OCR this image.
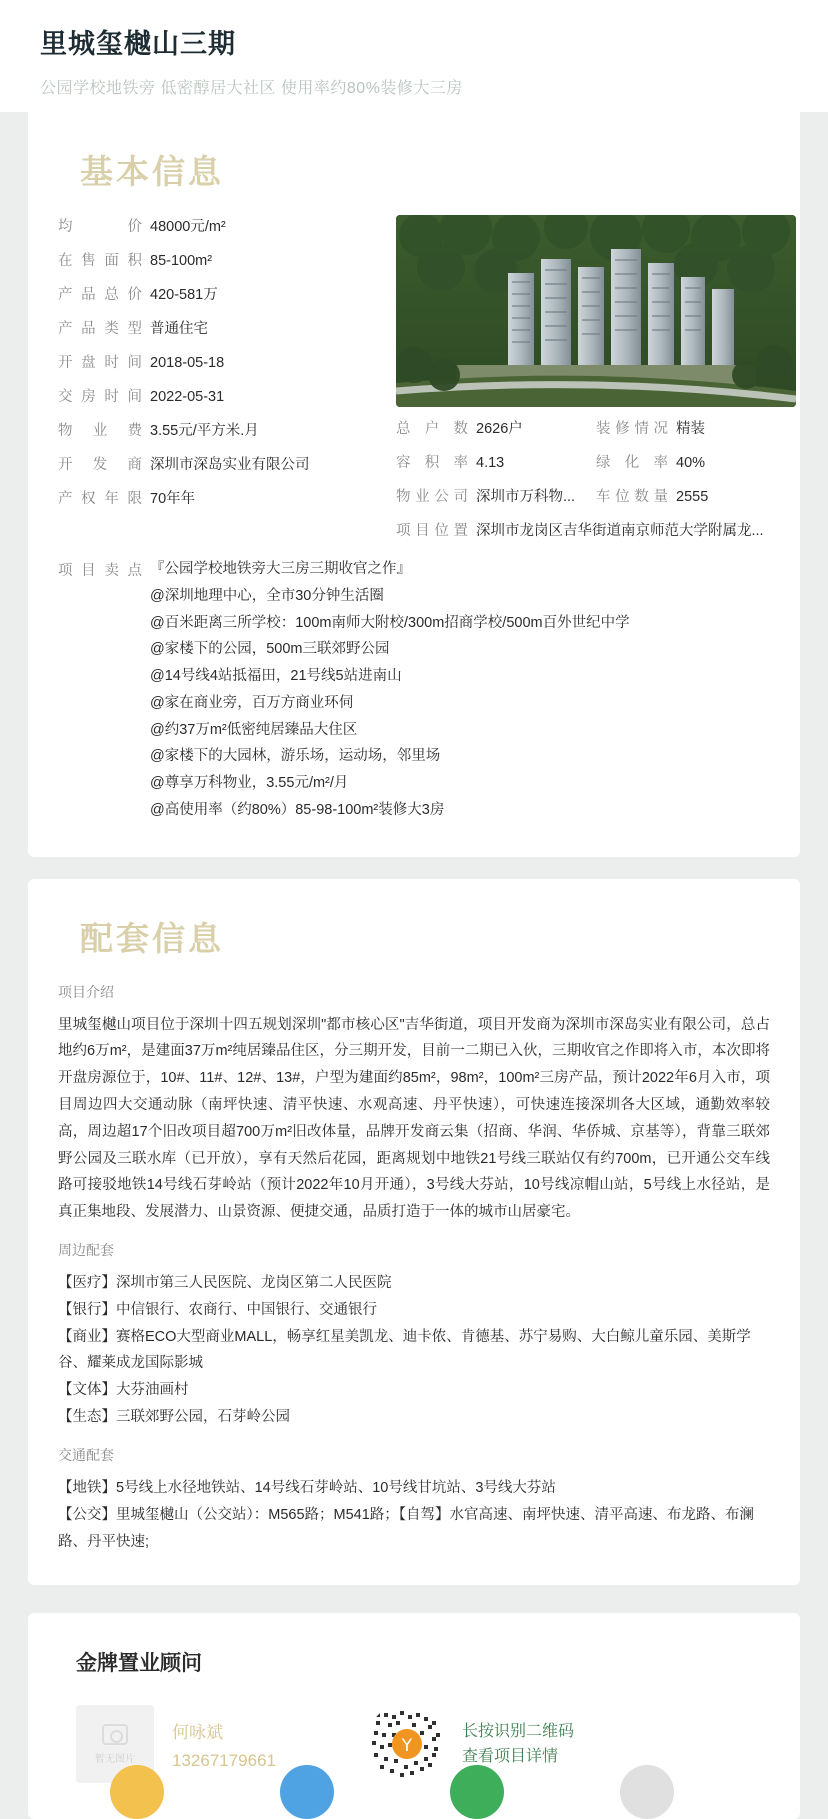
里城玺樾山三期
公园学校地铁旁 低密醇居大社区 使用率约80%装修大三房
基本信息
均价 48000元/m²
在售面积 85-100m²
产品总价 420-581万
产品类型 普通住宅
开盘时间 2018-05-18
交房时间 2022-05-31
物业费 3.55元/平方米.月
开发商 深圳市深岛实业有限公司
产权年限 70年年
总户数 2626户	装修情况 精装
容积率 4.13	绿化率 40%
物业公司 深圳市万科物... 车位数量 2555
项目位置 深圳市龙岗区吉华街道南京师范大学附属龙...
项目卖点 『公园学校地铁旁大三房三期收官之作』
@深圳地理中心，全市30分钟生活圈
@百米距离三所学校：100m南师大附校/300m招商学校/500m百外世纪中学
@家楼下的公园，500m三联郊野公园
@14号线4站抵福田，21号线5站进南山
@家在商业旁，百万方商业环伺
@约37万m²低密纯居臻品大住区
@家楼下的大园林，游乐场，运动场，邻里场
@尊享万科物业，3.55元/m²/月
@高使用率（约80%）85-98-100m²装修大3房
配套信息
项目介绍
里城玺樾山项目位于深圳十四五规划深圳"都市核心区"吉华街道，项目开发商为深圳市深岛实业有限公司，总占地约6万m²，是建面37万m²纯居臻品住区，分三期开发，目前一二期已入伙，三期收官之作即将入市，本次即将开盘房源位于，10#、11#、12#、13#，户型为建面约85m²，98m²，100m²三房产品，预计2022年6月入市，项目周边四大交通动脉（南坪快速、清平快速、水观高速、丹平快速），可快速连接深圳各大区域，通勤效率较高，周边超17个旧改项目超700万m²旧改体量，品牌开发商云集（招商、华润、华侨城、京基等），背靠三联郊野公园及三联水库（已开放），享有天然后花园，距离规划中地铁21号线三联站仅有约700m，已开通公交车线路可接驳地铁14号线石芽岭站（预计2022年10月开通），3号线大芬站，10号线凉帽山站，5号线上水径站，是真正集地段、发展潜力、山景资源、便捷交通，品质打造于一体的城市山居豪宅。
周边配套
【医疗】深圳市第三人民医院、龙岗区第二人民医院
【银行】中信银行、农商行、中国银行、交通银行
【商业】赛格ECO大型商业MALL，畅享红星美凯龙、迪卡侬、肯德基、苏宁易购、大白鲸儿童乐园、美斯学谷、耀莱成龙国际影城
【文体】大芬油画村
【生态】三联郊野公园，石芽岭公园
交通配套
【地铁】5号线上水径地铁站、14号线石芽岭站、10号线甘坑站、3号线大芬站
【公交】里城玺樾山（公交站）：M565路；M541路；【自驾】水官高速、南坪快速、清平高速、布龙路、布澜路、丹平快速;
金牌置业顾问
暂无图片
何咏斌
13267179661
Y
长按识别二维码
查看项目详情
